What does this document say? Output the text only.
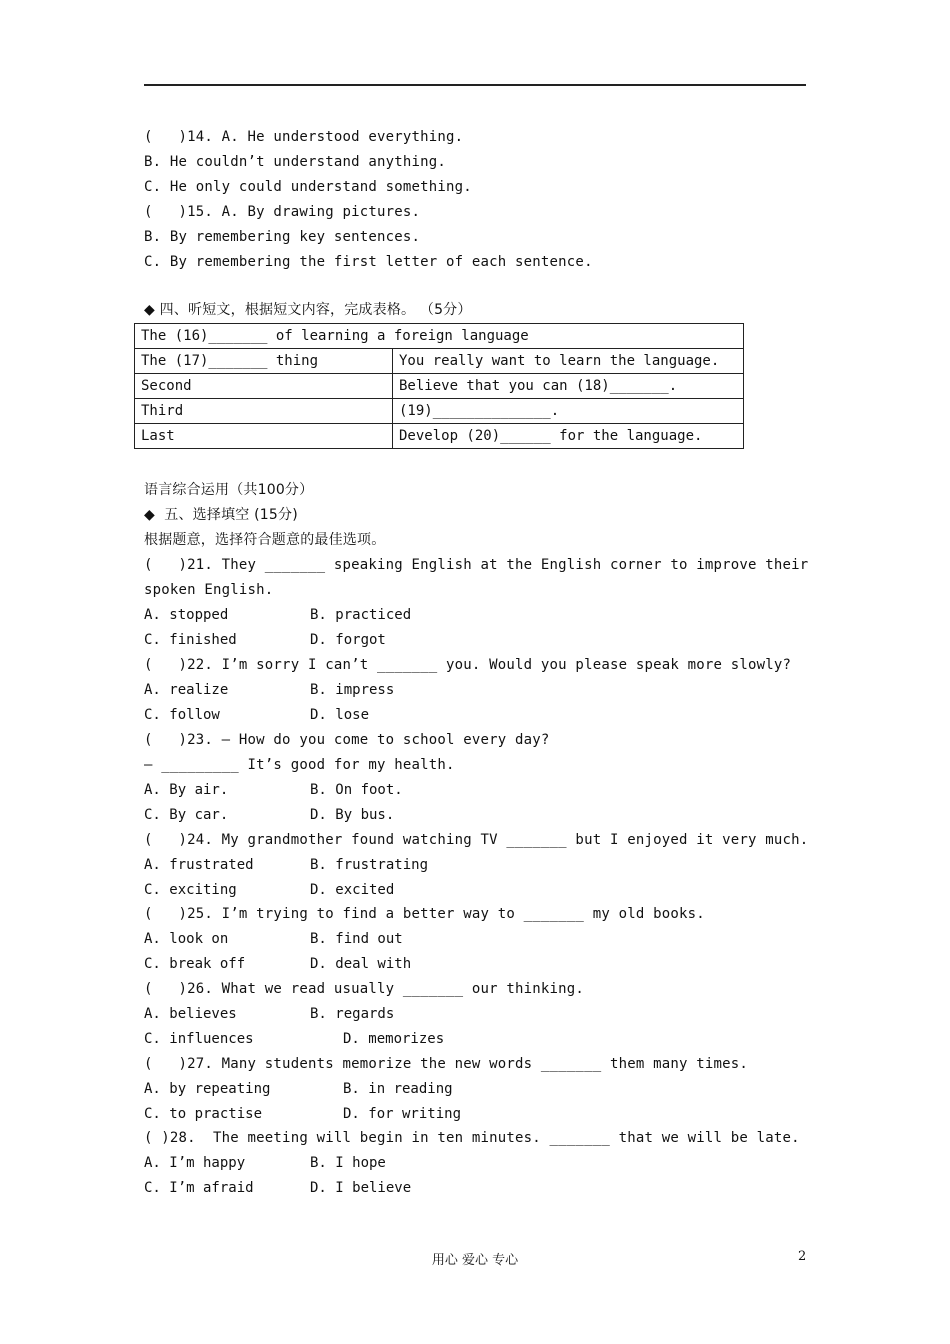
(   )14. A. He understood everything.
B. He couldn’t understand anything.
C. He only could understand something.
(   )15. A. By drawing pictures.
B. By remembering key sentences.
C. By remembering the first letter of each sentence.
◆ 四、听短文，根据短文内容，完成表格。 （5分）
The (16)_______ of learning a foreign language	
The (17)_______ thing	You really want to learn the language.
Second	Believe that you can (18)_______.
Third	(19)______________.
Last	Develop (20)______ for the language.
语言综合运用（共100分）
◆  五、选择填空 (15分)
根据题意，选择符合题意的最佳选项。
(   )21. They _______ speaking English at the English corner to improve their
spoken English.
A. stopped	B. practiced
C. finished	D. forgot
(   )22. I’m sorry I can’t _______ you. Would you please speak more slowly?
A. realize	B. impress
C. follow	D. lose
(   )23. — How do you come to school every day?
— _________ It’s good for my health.
A. By air.	B. On foot.
C. By car.	D. By bus.
(   )24. My grandmother found watching TV _______ but I enjoyed it very much.
A. frustrated	B. frustrating
C. exciting	D. excited
(   )25. I’m trying to find a better way to _______ my old books.
A. look on	B. find out
C. break off	D. deal with
(   )26. What we read usually _______ our thinking.
A. believes	B. regards
C. influences	D. memorizes
(   )27. Many students memorize the new words _______ them many times.
A. by repeating	B. in reading
C. to practise	D. for writing
( )28.  The meeting will begin in ten minutes. _______ that we will be late.
A. I’m happy	B. I hope
C. I’m afraid	D. I believe
用心 爱心 专心	2
